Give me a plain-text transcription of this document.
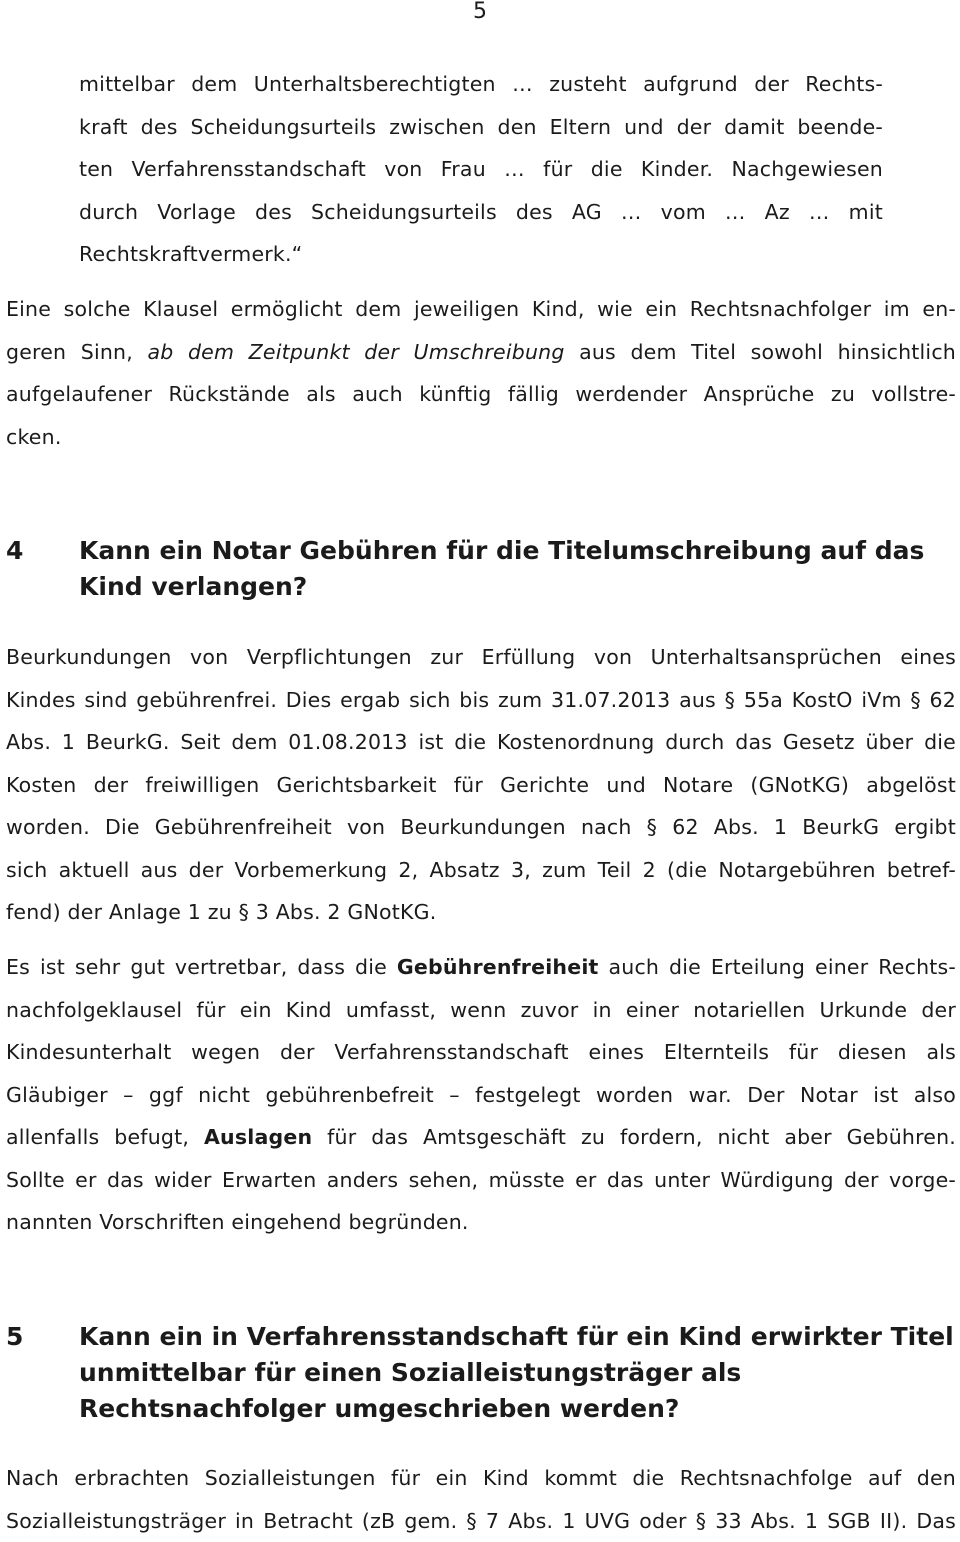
5

mittelbar dem Unterhaltsberechtigten … zusteht aufgrund der Rechts-
kraft des Scheidungsurteils zwischen den Eltern und der damit beende-
ten Verfahrensstandschaft von Frau … für die Kinder. Nachgewiesen
durch Vorlage des Scheidungsurteils des AG … vom … Az … mit
Rechtskraftvermerk.“

Eine solche Klausel ermöglicht dem jeweiligen Kind, wie ein Rechtsnachfolger im en-
geren Sinn, ab dem Zeitpunkt der Umschreibung aus dem Titel sowohl hinsichtlich
aufgelaufener Rückstände als auch künftig fällig werdender Ansprüche zu vollstre-
cken.

4 Kann ein Notar Gebühren für die Titelumschreibung auf das Kind verlangen?

Beurkundungen von Verpflichtungen zur Erfüllung von Unterhaltsansprüchen eines
Kindes sind gebührenfrei. Dies ergab sich bis zum 31.07.2013 aus § 55a KostO iVm § 62
Abs. 1 BeurkG. Seit dem 01.08.2013 ist die Kostenordnung durch das Gesetz über die
Kosten der freiwilligen Gerichtsbarkeit für Gerichte und Notare (GNotKG) abgelöst
worden. Die Gebührenfreiheit von Beurkundungen nach § 62 Abs. 1 BeurkG ergibt
sich aktuell aus der Vorbemerkung 2, Absatz 3, zum Teil 2 (die Notargebühren betref-
fend) der Anlage 1 zu § 3 Abs. 2 GNotKG.

Es ist sehr gut vertretbar, dass die Gebührenfreiheit auch die Erteilung einer Rechts-
nachfolgeklausel für ein Kind umfasst, wenn zuvor in einer notariellen Urkunde der
Kindesunterhalt wegen der Verfahrensstandschaft eines Elternteils für diesen als
Gläubiger – ggf nicht gebührenbefreit – festgelegt worden war. Der Notar ist also
allenfalls befugt, Auslagen für das Amtsgeschäft zu fordern, nicht aber Gebühren.
Sollte er das wider Erwarten anders sehen, müsste er das unter Würdigung der vorge-
nannten Vorschriften eingehend begründen.

5 Kann ein in Verfahrensstandschaft für ein Kind erwirkter Titel unmittelbar für einen Sozialleistungsträger als Rechtsnachfolger umgeschrieben werden?

Nach erbrachten Sozialleistungen für ein Kind kommt die Rechtsnachfolge auf den
Sozialleistungsträger in Betracht (zB gem. § 7 Abs. 1 UVG oder § 33 Abs. 1 SGB II). Das
